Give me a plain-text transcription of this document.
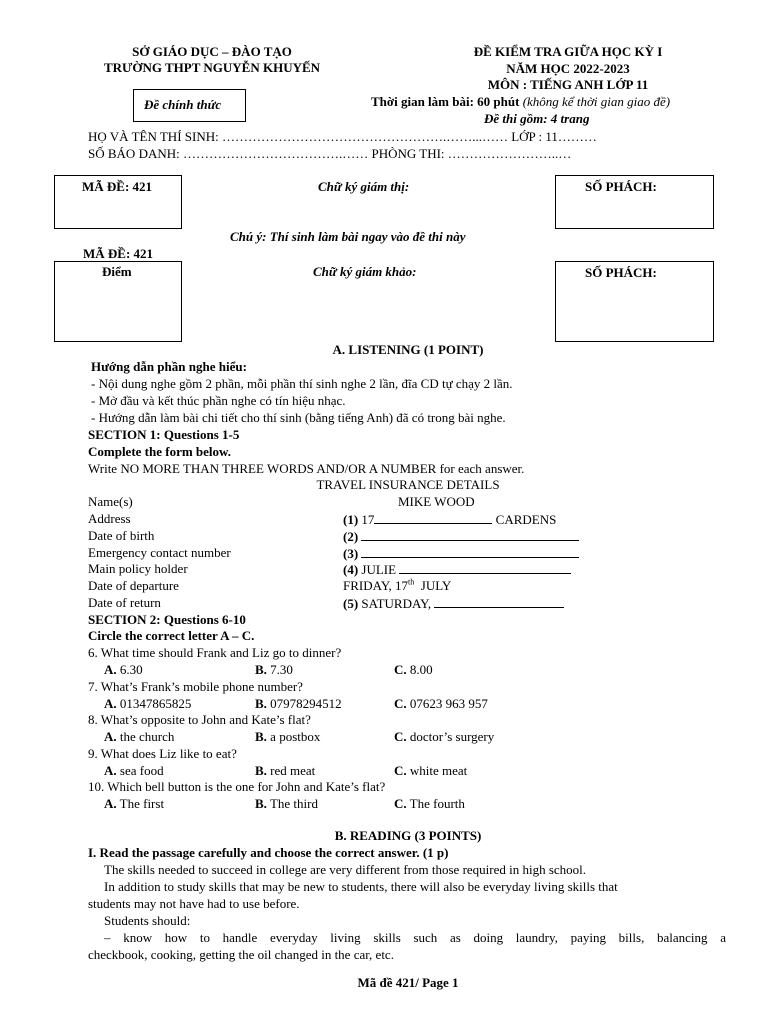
SỞ GIÁO DỤC – ĐÀO TẠO
TRƯỜNG THPT NGUYỄN KHUYẾN
Đề chính thức
ĐỀ KIỂM TRA GIỮA HỌC KỲ I
NĂM HỌC 2022-2023
MÔN : TIẾNG ANH LỚP 11
Thời gian làm bài: 60 phút (không kể thời gian giao đề)
Đề thi gồm: 4 trang
HỌ VÀ TÊN THÍ SINH: …………………………………………….……...…… LỚP : 11………
SỐ BÁO DANH: ……………………………….…… PHÒNG THI: ……………………..…
MÃ ĐỀ: 421	Chữ ký giám thị:	SỐ PHÁCH:
Chú ý: Thí sinh làm bài ngay vào đề thi này
MÃ ĐỀ: 421
Điểm	Chữ ký giám khảo:	SỐ PHÁCH:
A. LISTENING (1 POINT)
Hướng dẫn phần nghe hiểu:
- Nội dung nghe gồm 2 phần, mỗi phần thí sinh nghe 2 lần, đĩa CD tự chạy 2 lần.
- Mở đầu và kết thúc phần nghe có tín hiệu nhạc.
- Hướng dẫn làm bài chi tiết cho thí sinh (bằng tiếng Anh) đã có trong bài nghe.
SECTION 1: Questions 1-5
Complete the form below.
Write NO MORE THAN THREE WORDS AND/OR A NUMBER for each answer.
TRAVEL INSURANCE DETAILS
Name(s)	MIKE WOOD
Address	(1) 17	CARDENS
Date of birth	(2)
Emergency contact number	(3)
Main policy holder	(4) JULIE
Date of departure	FRIDAY, 17th  JULY
Date of return	(5) SATURDAY,
SECTION 2: Questions 6-10
Circle the correct letter A – C.
6. What time should Frank and Liz go to dinner?
A. 6.30	B. 7.30	C. 8.00
7. What’s Frank’s mobile phone number?
A. 01347865825	B. 07978294512	C. 07623 963 957
8. What’s opposite to John and Kate’s flat?
A. the church	B. a postbox	C. doctor’s surgery
9. What does Liz like to eat?
A. sea food	B. red meat	C. white meat
10. Which bell button is the one for John and Kate’s flat?
A. The first	B. The third	C. The fourth
B. READING (3 POINTS)
I. Read the passage carefully and choose the correct answer. (1 p)
The skills needed to succeed in college are very different from those required in high school.
In addition to study skills that may be new to students, there will also be everyday living skills that
students may not have had to use before.
Students should:
– know how to handle everyday living skills such as doing laundry, paying bills, balancing a
checkbook, cooking, getting the oil changed in the car, etc.
Mã đề 421/ Page 1
